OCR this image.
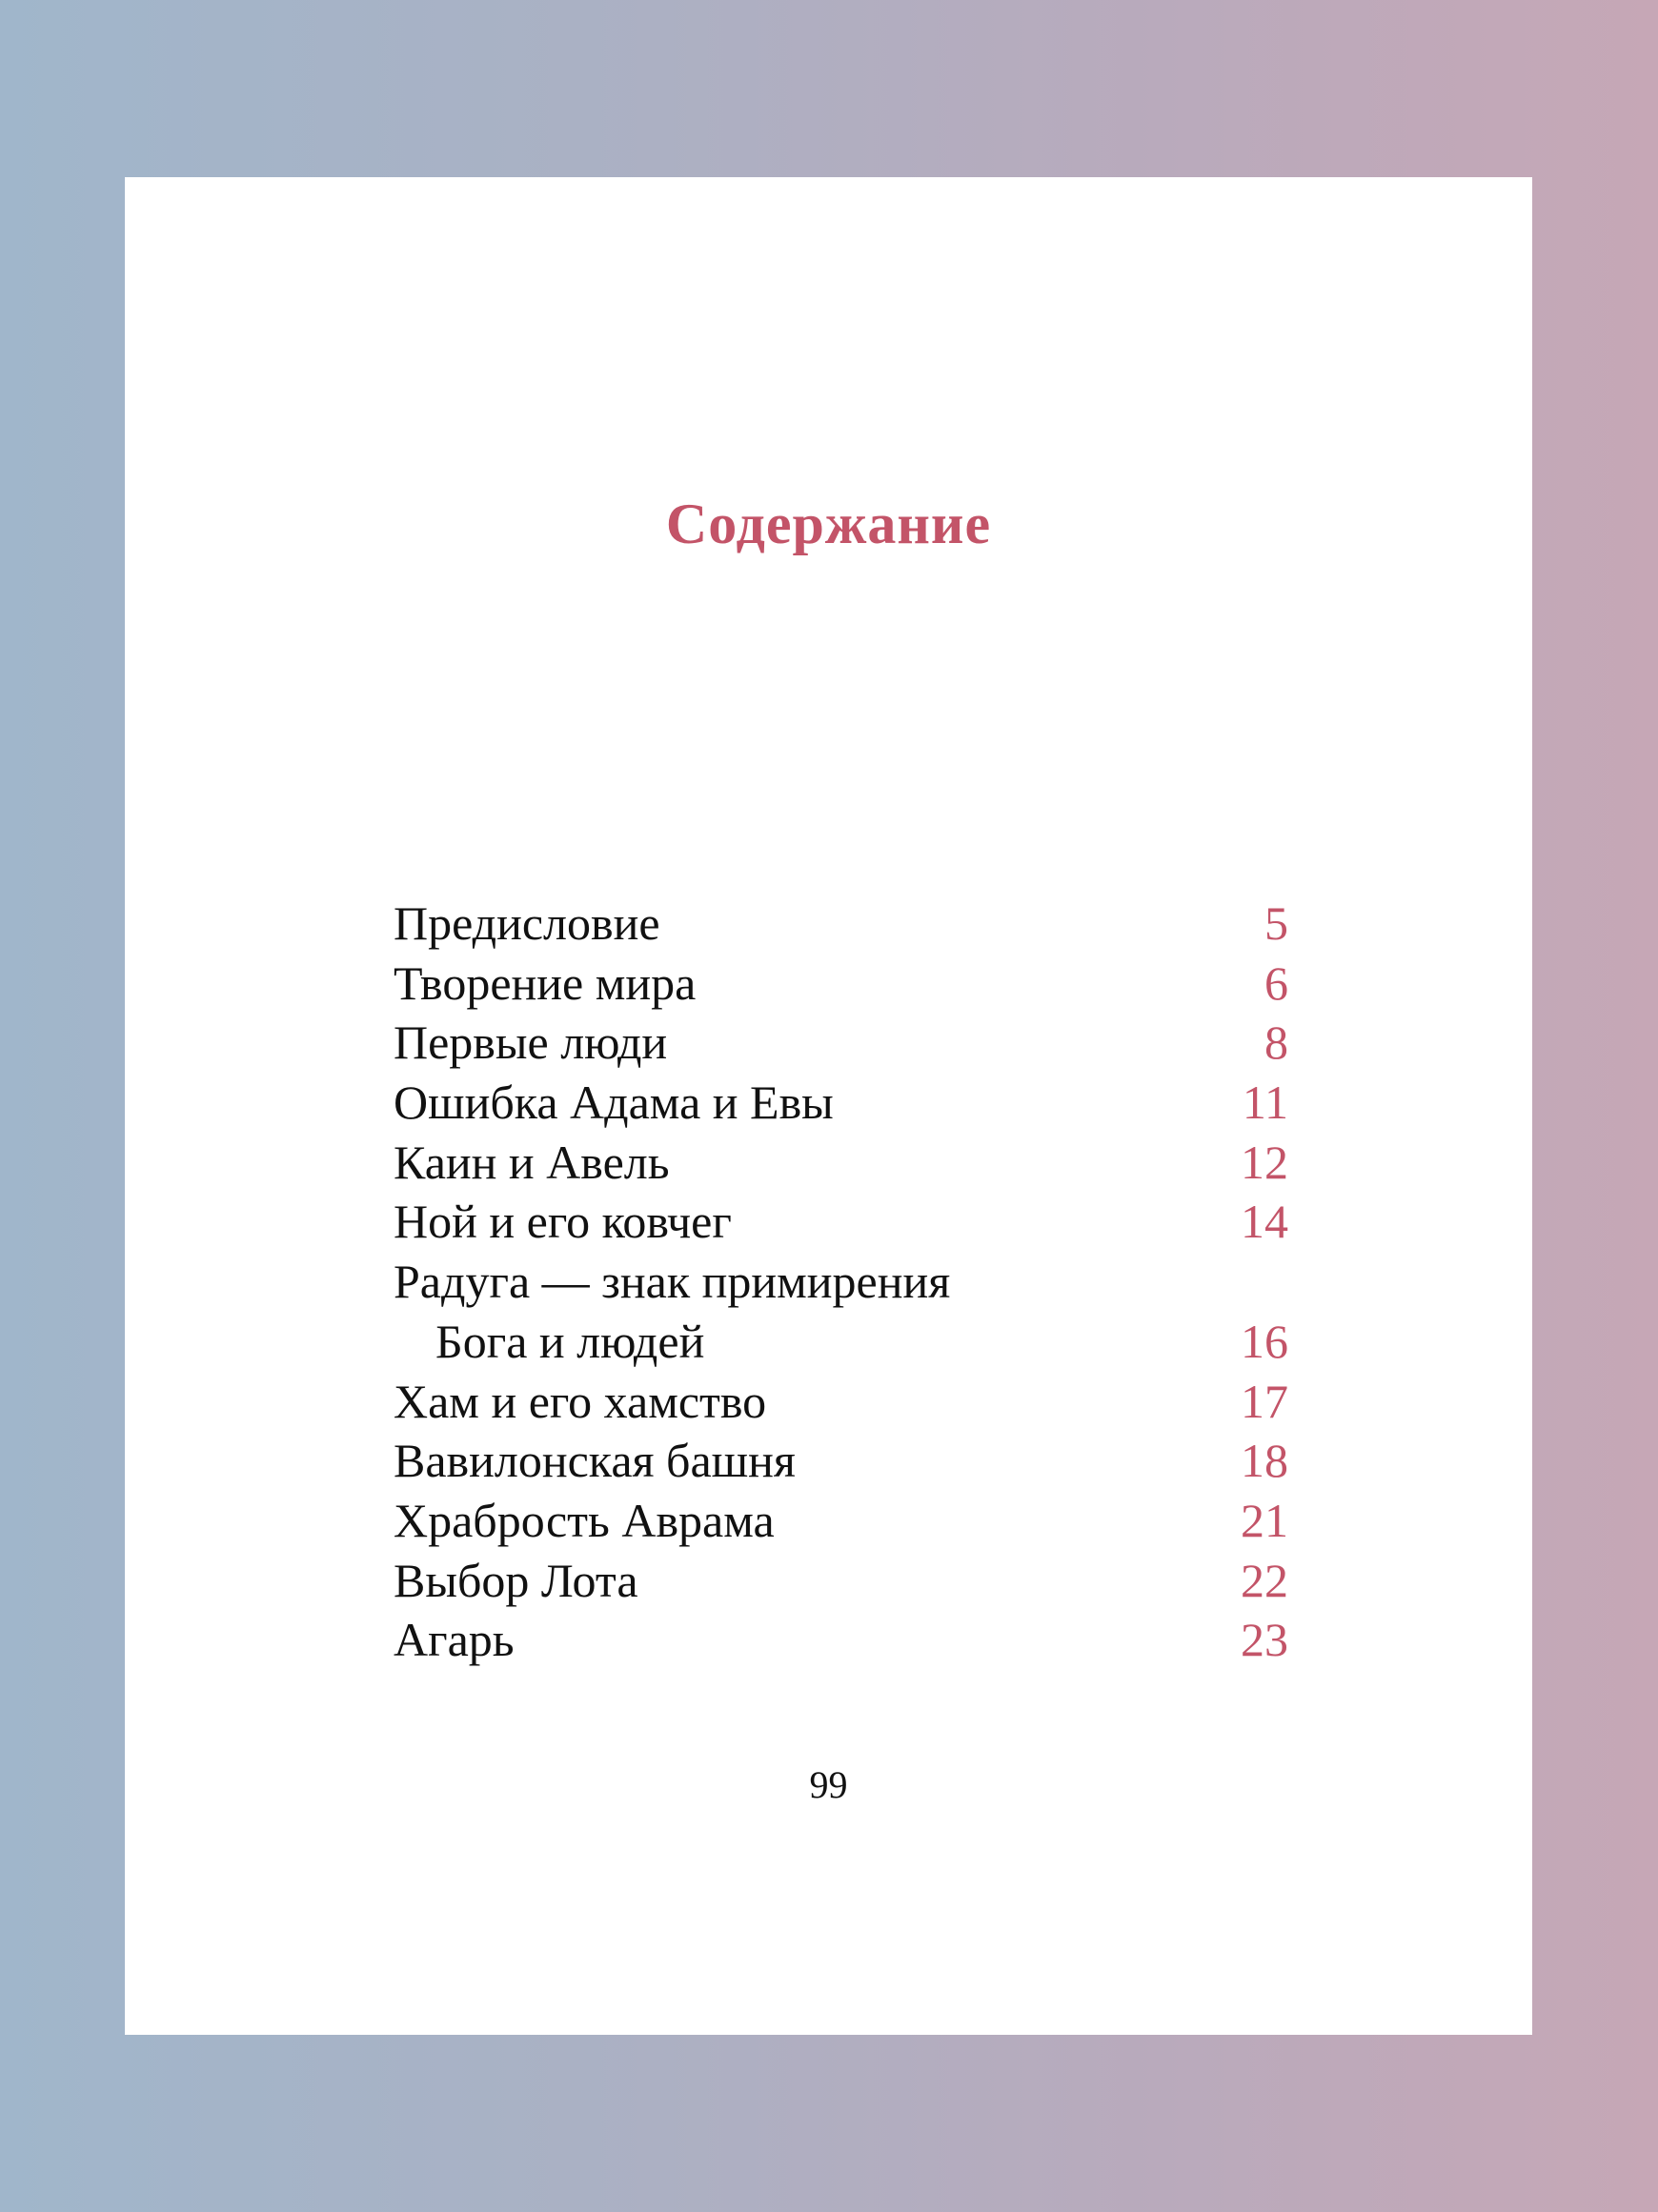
Содержание
Предисловие	5
Творение мира	6
Первые люди	8
Ошибка Адама и Евы	11
Каин и Авель	12
Ной и его ковчег	14
Радуга — знак примирения
Бога и людей	16
Хам и его хамство	17
Вавилонская башня	18
Храбрость Аврама	21
Выбор Лота	22
Агарь	23
99
